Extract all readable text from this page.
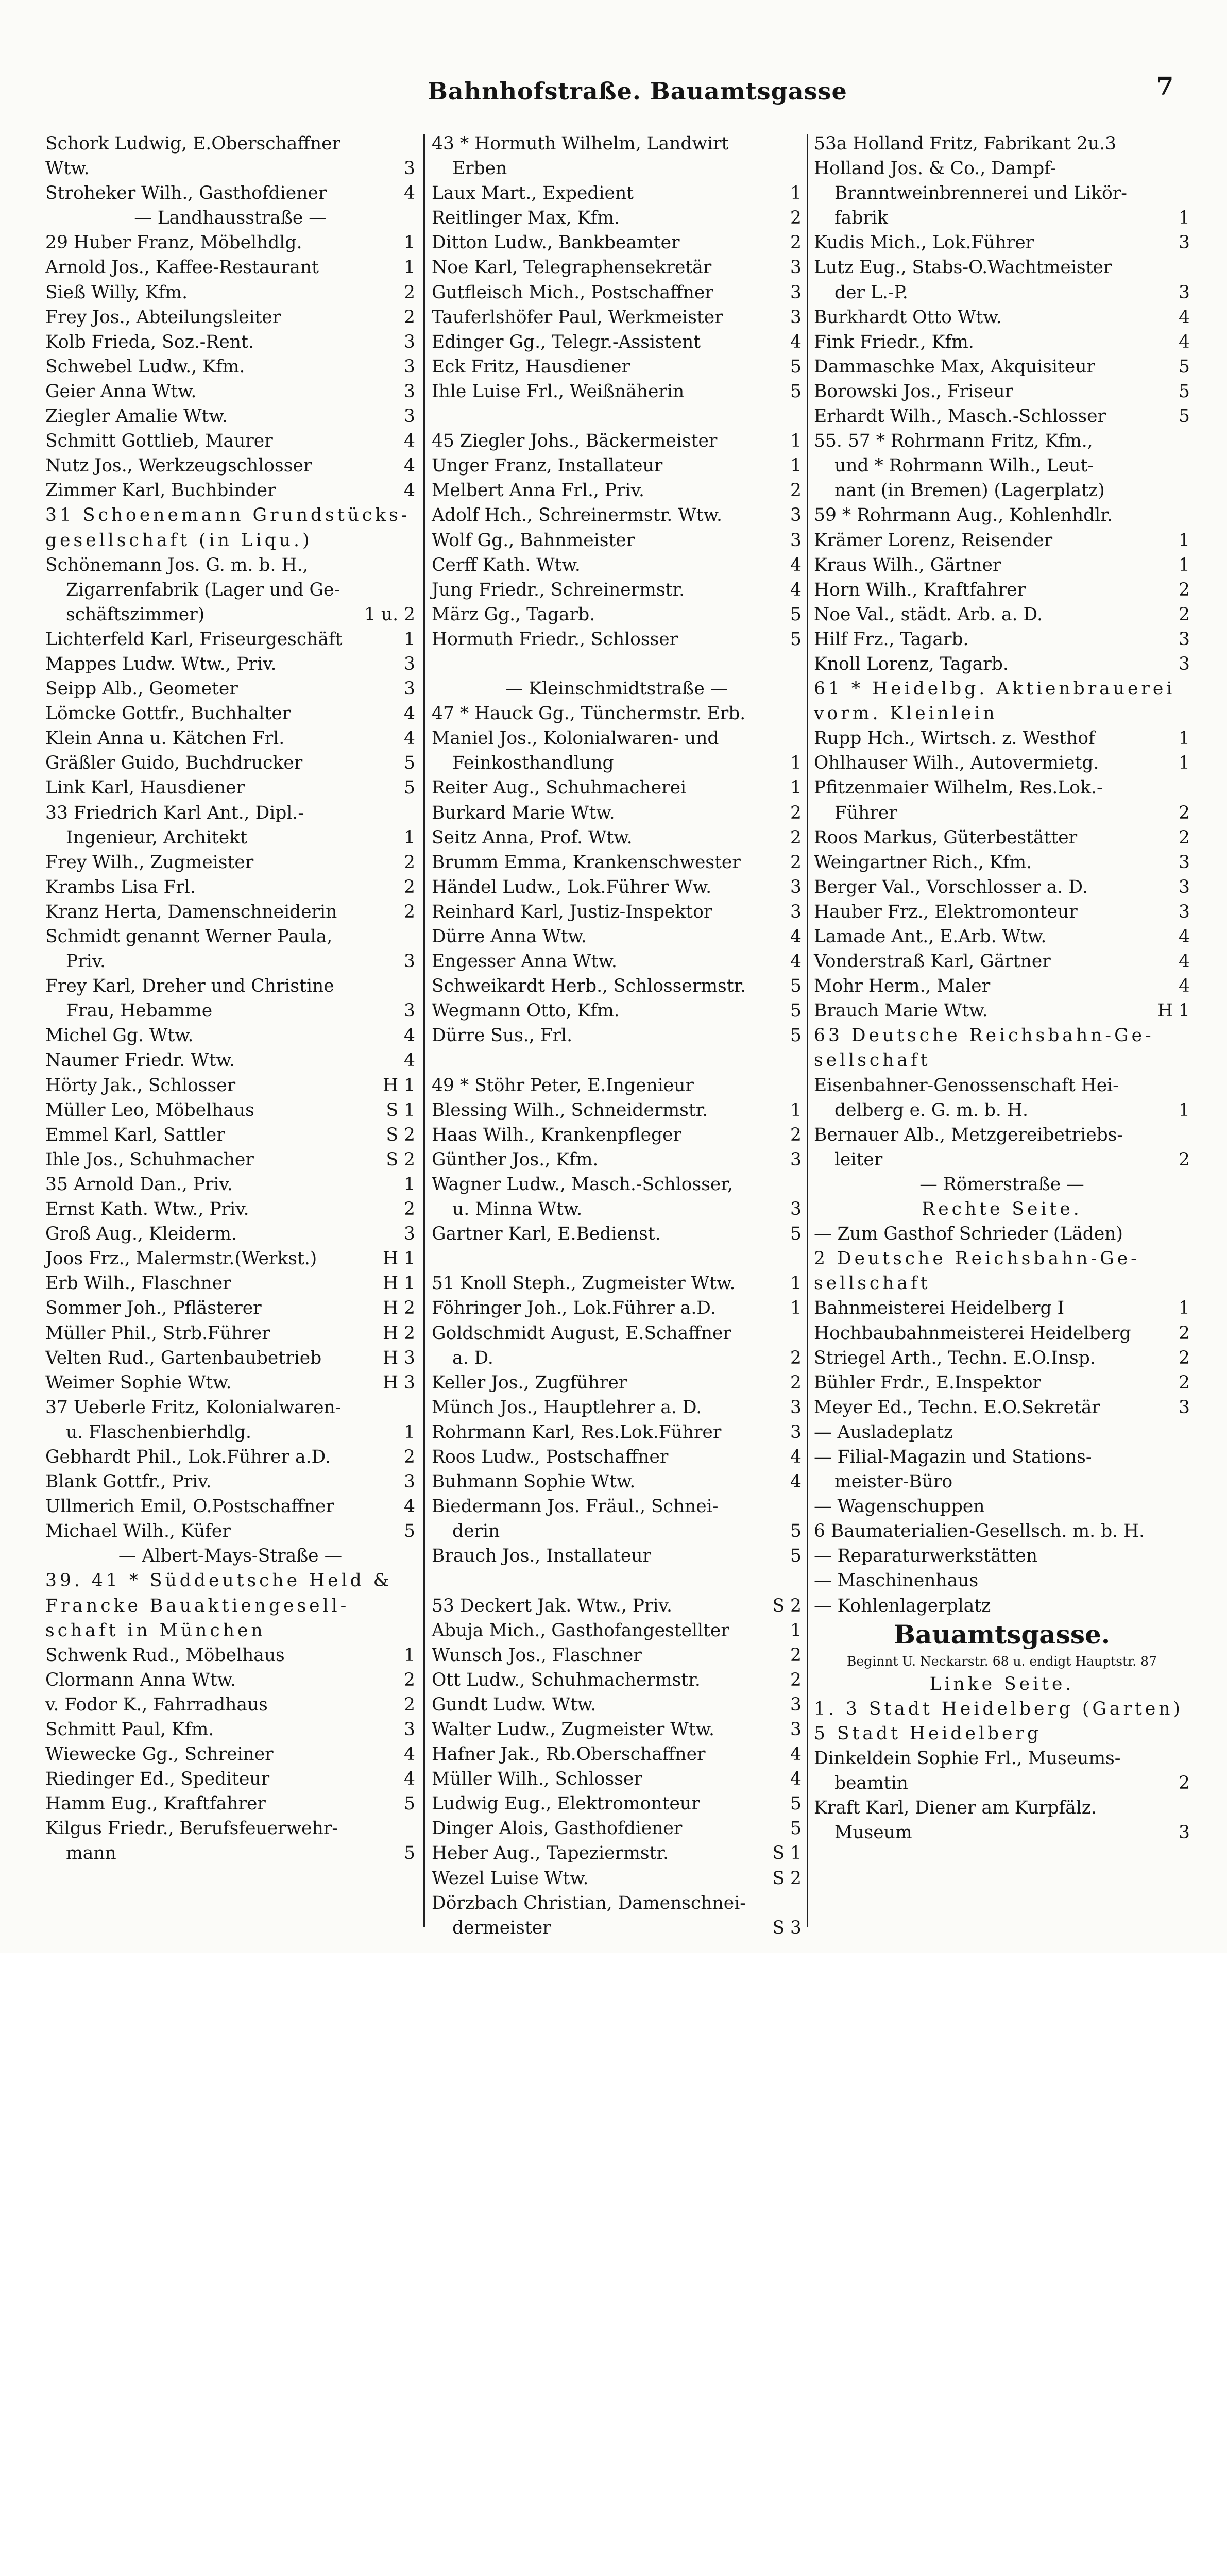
Bahnhofstraße. Bauamtsgasse	7
Schork Ludwig, E.Oberschaffner
Wtw.	3
Stroheker Wilh., Gasthofdiener	4
— Landhausstraße —
29 Huber Franz, Möbelhdlg.	1
Arnold Jos., Kaffee-Restaurant	1
Sieß Willy, Kfm.	2
Frey Jos., Abteilungsleiter	2
Kolb Frieda, Soz.-Rent.	3
Schwebel Ludw., Kfm.	3
Geier Anna Wtw.	3
Ziegler Amalie Wtw.	3
Schmitt Gottlieb, Maurer	4
Nutz Jos., Werkzeugschlosser	4
Zimmer Karl, Buchbinder	4
31 Schoenemann Grundstücks-
gesellschaft (in Liqu.)
Schönemann Jos. G. m. b. H.,
Zigarrenfabrik (Lager und Ge-
schäftszimmer)	1 u. 2
Lichterfeld Karl, Friseurgeschäft	1
Mappes Ludw. Wtw., Priv.	3
Seipp Alb., Geometer	3
Lömcke Gottfr., Buchhalter	4
Klein Anna u. Kätchen Frl.	4
Gräßler Guido, Buchdrucker	5
Link Karl, Hausdiener	5
33 Friedrich Karl Ant., Dipl.-
Ingenieur, Architekt	1
Frey Wilh., Zugmeister	2
Krambs Lisa Frl.	2
Kranz Herta, Damenschneiderin	2
Schmidt genannt Werner Paula,
Priv.	3
Frey Karl, Dreher und Christine
Frau, Hebamme	3
Michel Gg. Wtw.	4
Naumer Friedr. Wtw.	4
Hörty Jak., Schlosser	H 1
Müller Leo, Möbelhaus	S 1
Emmel Karl, Sattler	S 2
Ihle Jos., Schuhmacher	S 2
35 Arnold Dan., Priv.	1
Ernst Kath. Wtw., Priv.	2
Groß Aug., Kleiderm.	3
Joos Frz., Malermstr.(Werkst.)	H 1
Erb Wilh., Flaschner	H 1
Sommer Joh., Pflästerer	H 2
Müller Phil., Strb.Führer	H 2
Velten Rud., Gartenbaubetrieb	H 3
Weimer Sophie Wtw.	H 3
37 Ueberle Fritz, Kolonialwaren-
u. Flaschenbierhdlg.	1
Gebhardt Phil., Lok.Führer a.D.	2
Blank Gottfr., Priv.	3
Ullmerich Emil, O.Postschaffner	4
Michael Wilh., Küfer	5
— Albert-Mays-Straße —
39. 41 * Süddeutsche Held &
Francke Bauaktiengesell-
schaft in München
Schwenk Rud., Möbelhaus	1
Clormann Anna Wtw.	2
v. Fodor K., Fahrradhaus	2
Schmitt Paul, Kfm.	3
Wiewecke Gg., Schreiner	4
Riedinger Ed., Spediteur	4
Hamm Eug., Kraftfahrer	5
Kilgus Friedr., Berufsfeuerwehr-
mann	5
43 * Hormuth Wilhelm, Landwirt
Erben
Laux Mart., Expedient	1
Reitlinger Max, Kfm.	2
Ditton Ludw., Bankbeamter	2
Noe Karl, Telegraphensekretär	3
Gutfleisch Mich., Postschaffner	3
Tauferlshöfer Paul, Werkmeister	3
Edinger Gg., Telegr.-Assistent	4
Eck Fritz, Hausdiener	5
Ihle Luise Frl., Weißnäherin	5
45 Ziegler Johs., Bäckermeister	1
Unger Franz, Installateur	1
Melbert Anna Frl., Priv.	2
Adolf Hch., Schreinermstr. Wtw.	3
Wolf Gg., Bahnmeister	3
Cerff Kath. Wtw.	4
Jung Friedr., Schreinermstr.	4
März Gg., Tagarb.	5
Hormuth Friedr., Schlosser	5
— Kleinschmidtstraße —
47 * Hauck Gg., Tünchermstr. Erb.
Maniel Jos., Kolonialwaren- und
Feinkosthandlung	1
Reiter Aug., Schuhmacherei	1
Burkard Marie Wtw.	2
Seitz Anna, Prof. Wtw.	2
Brumm Emma, Krankenschwester	2
Händel Ludw., Lok.Führer Ww.	3
Reinhard Karl, Justiz-Inspektor	3
Dürre Anna Wtw.	4
Engesser Anna Wtw.	4
Schweikardt Herb., Schlossermstr.	5
Wegmann Otto, Kfm.	5
Dürre Sus., Frl.	5
49 * Stöhr Peter, E.Ingenieur
Blessing Wilh., Schneidermstr.	1
Haas Wilh., Krankenpfleger	2
Günther Jos., Kfm.	3
Wagner Ludw., Masch.-Schlosser,
u. Minna Wtw.	3
Gartner Karl, E.Bedienst.	5
51 Knoll Steph., Zugmeister Wtw.	1
Föhringer Joh., Lok.Führer a.D.	1
Goldschmidt August, E.Schaffner
a. D.	2
Keller Jos., Zugführer	2
Münch Jos., Hauptlehrer a. D.	3
Rohrmann Karl, Res.Lok.Führer	3
Roos Ludw., Postschaffner	4
Buhmann Sophie Wtw.	4
Biedermann Jos. Fräul., Schnei-
derin	5
Brauch Jos., Installateur	5
53 Deckert Jak. Wtw., Priv.	S 2
Abuja Mich., Gasthofangestellter	1
Wunsch Jos., Flaschner	2
Ott Ludw., Schuhmachermstr.	2
Gundt Ludw. Wtw.	3
Walter Ludw., Zugmeister Wtw.	3
Hafner Jak., Rb.Oberschaffner	4
Müller Wilh., Schlosser	4
Ludwig Eug., Elektromonteur	5
Dinger Alois, Gasthofdiener	5
Heber Aug., Tapeziermstr.	S 1
Wezel Luise Wtw.	S 2
Dörzbach Christian, Damenschnei-
dermeister	S 3
53a Holland Fritz, Fabrikant 2u.3
Holland Jos. & Co., Dampf-
Branntweinbrennerei und Likör-
fabrik	1
Kudis Mich., Lok.Führer	3
Lutz Eug., Stabs-O.Wachtmeister
der L.-P.	3
Burkhardt Otto Wtw.	4
Fink Friedr., Kfm.	4
Dammaschke Max, Akquisiteur	5
Borowski Jos., Friseur	5
Erhardt Wilh., Masch.-Schlosser	5
55. 57 * Rohrmann Fritz, Kfm.,
und * Rohrmann Wilh., Leut-
nant (in Bremen) (Lagerplatz)
59 * Rohrmann Aug., Kohlenhdlr.
Krämer Lorenz, Reisender	1
Kraus Wilh., Gärtner	1
Horn Wilh., Kraftfahrer	2
Noe Val., städt. Arb. a. D.	2
Hilf Frz., Tagarb.	3
Knoll Lorenz, Tagarb.	3
61 * Heidelbg. Aktienbrauerei
vorm. Kleinlein
Rupp Hch., Wirtsch. z. Westhof	1
Ohlhauser Wilh., Autovermietg.	1
Pfitzenmaier Wilhelm, Res.Lok.-
Führer	2
Roos Markus, Güterbestätter	2
Weingartner Rich., Kfm.	3
Berger Val., Vorschlosser a. D.	3
Hauber Frz., Elektromonteur	3
Lamade Ant., E.Arb. Wtw.	4
Vonderstraß Karl, Gärtner	4
Mohr Herm., Maler	4
Brauch Marie Wtw.	H 1
63 Deutsche Reichsbahn-Ge-
sellschaft
Eisenbahner-Genossenschaft Hei-
delberg e. G. m. b. H.	1
Bernauer Alb., Metzgereibetriebs-
leiter	2
— Römerstraße —
Rechte Seite.
— Zum Gasthof Schrieder (Läden)
2 Deutsche Reichsbahn-Ge-
sellschaft
Bahnmeisterei Heidelberg I	1
Hochbaubahnmeisterei Heidelberg	2
Striegel Arth., Techn. E.O.Insp.	2
Bühler Frdr., E.Inspektor	2
Meyer Ed., Techn. E.O.Sekretär	3
— Ausladeplatz
— Filial-Magazin und Stations-
meister-Büro
— Wagenschuppen
6 Baumaterialien-Gesellsch. m. b. H.
— Reparaturwerkstätten
— Maschinenhaus
— Kohlenlagerplatz
Bauamtsgasse.
Beginnt U. Neckarstr. 68 u. endigt Hauptstr. 87
Linke Seite.
1. 3 Stadt Heidelberg (Garten)
5 Stadt Heidelberg
Dinkeldein Sophie Frl., Museums-
beamtin	2
Kraft Karl, Diener am Kurpfälz.
Museum	3
